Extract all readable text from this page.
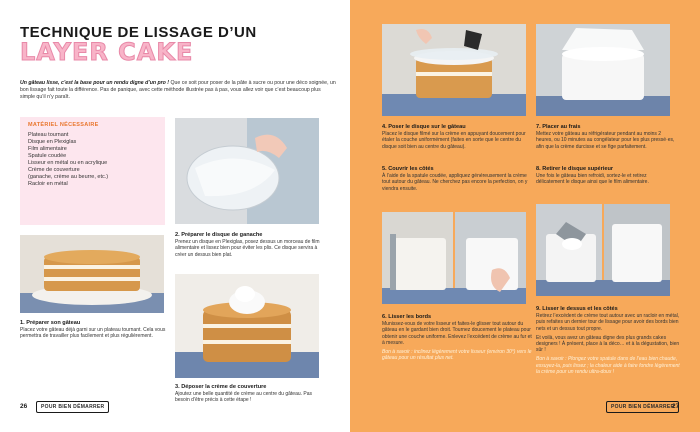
TECHNIQUE DE LISSAGE D’UN
LAYER CAKE
Un gâteau lisse, c’est la base pour un rendu digne d’un pro ! Que ce soit pour poser de la pâte à sucre ou pour une déco soignée, un bon lissage fait toute la différence. Pas de panique, avec cette méthode illustrée pas à pas, vous allez voir que c’est beaucoup plus simple qu’il n’y paraît.
MATÉRIEL NÉCESSAIRE
Plateau tournant
Disque en Plexiglas
Film alimentaire
Spatule coudée
Lisseur en métal ou en acrylique
Crème de couverture
(ganache, crème au beurre, etc.)
Racloir en métal
1. Préparer son gâteau
Placez votre gâteau déjà garni sur un plateau tournant. Cela vous permettra de travailler plus facilement et plus régulièrement.
2. Préparer le disque de ganache
Prenez un disque en Plexiglas, posez dessus un morceau de film alimentaire et lissez bien pour éviter les plis. Ce disque servira à créer un dessus bien plat.
3. Déposer la crème de couverture
Ajoutez une belle quantité de crème au centre du gâteau. Pas besoin d’être précis à cette étape !
26	POUR BIEN DÉMARRER
4. Poser le disque sur le gâteau
Placez le disque filmé sur la crème en appuyant doucement pour étaler la couche uniformément (faites en sorte que le centre du disque soit bien au centre du gâteau).
5. Couvrir les côtés
À l’aide de la spatule coudée, appliquez généreusement la crème tout autour du gâteau. Ne cherchez pas encore la perfection, on y viendra ensuite.
7. Placer au frais
Mettez votre gâteau au réfrigérateur pendant au moins 2 heures, ou 10 minutes au congélateur pour les plus pressé·es, afin que la crème durcisse et se fige parfaitement.
8. Retirer le disque supérieur
Une fois le gâteau bien refroidi, sortez-le et retirez délicatement le disque ainsi que le film alimentaire.
6. Lisser les bords
Munissez-vous de votre lisseur et faites-le glisser tout autour du gâteau en le gardant bien droit. Tournez doucement le plateau pour obtenir une couche uniforme. Enlevez l’excédent de crème au fur et à mesure.
Bon à savoir : inclinez légèrement votre lisseur (environ 30°) vers le gâteau pour un résultat plus net.
9. Lisser le dessus et les côtés
Retirez l’excédent de crème tout autour avec un racloir en métal, puis refaites un dernier tour de lissage pour avoir des bords bien nets et un dessus tout propre.
Et voilà, vous avez un gâteau digne des plus grands cakes designers ! À présent, place à la déco… et à la dégustation, bien sûr !
Bon à savoir : Plongez votre spatule dans de l’eau bien chaude, essuyez-la, puis lissez ; la chaleur aide à faire fondre légèrement la crème pour un rendu ultra-doux !
POUR BIEN DÉMARRER
27
